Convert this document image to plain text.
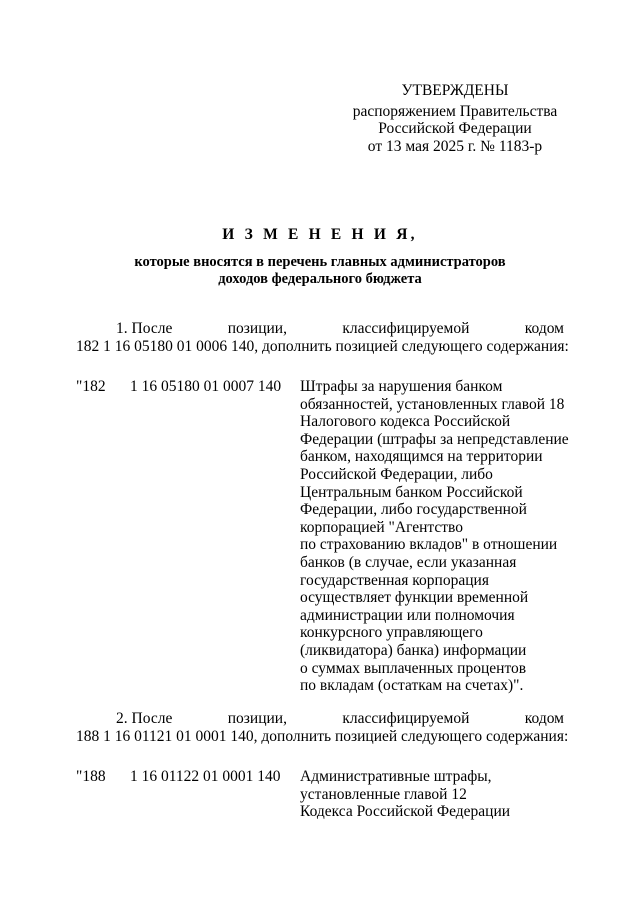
УТВЕРЖДЕНЫ
распоряжением Правительства
Российской Федерации
от 13 мая 2025 г. № 1183-р
И З М Е Н Е Н И Я,
которые вносятся в перечень главных администраторов
доходов федерального бюджета
1. После	позиции,	классифицируемой	кодом
182 1 16 05180 01 0006 140, дополнить позицией следующего содержания:
"182 1 16 05180 01 0007 140 Штрафы за нарушения банком
обязанностей, установленных главой 18
Налогового кодекса Российской
Федерации (штрафы за непредставление
банком, находящимся на территории
Российской Федерации, либо
Центральным банком Российской
Федерации, либо государственной
корпорацией "Агентство
по страхованию вкладов" в отношении
банков (в случае, если указанная
государственная корпорация
осуществляет функции временной
администрации или полномочия
конкурсного управляющего
(ликвидатора) банка) информации
о суммах выплаченных процентов
по вкладам (остаткам на счетах)".
2. После	позиции,	классифицируемой	кодом
188 1 16 01121 01 0001 140, дополнить позицией следующего содержания:
"188 1 16 01122 01 0001 140 Административные штрафы,
установленные главой 12
Кодекса Российской Федерации
